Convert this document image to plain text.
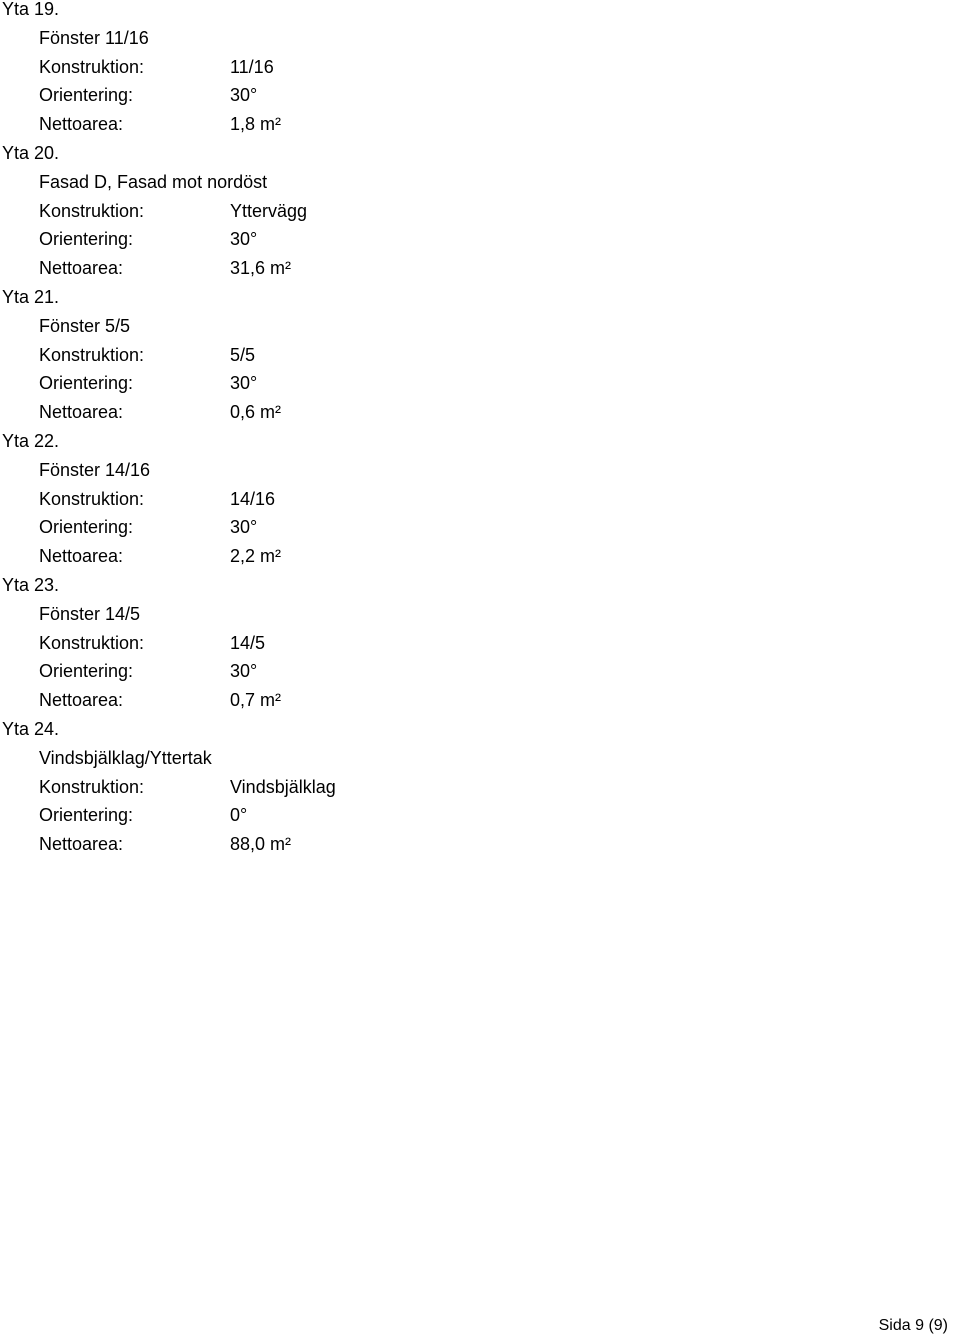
Yta 19.
Fönster 11/16
Konstruktion:	11/16
Orientering:	30°
Nettoarea:	1,8 m²
Yta 20.
Fasad D, Fasad mot nordöst
Konstruktion:	Yttervägg
Orientering:	30°
Nettoarea:	31,6 m²
Yta 21.
Fönster 5/5
Konstruktion:	5/5
Orientering:	30°
Nettoarea:	0,6 m²
Yta 22.
Fönster 14/16
Konstruktion:	14/16
Orientering:	30°
Nettoarea:	2,2 m²
Yta 23.
Fönster 14/5
Konstruktion:	14/5
Orientering:	30°
Nettoarea:	0,7 m²
Yta 24.
Vindsbjälklag/Yttertak
Konstruktion:	Vindsbjälklag
Orientering:	0°
Nettoarea:	88,0 m²
Sida 9 (9)
